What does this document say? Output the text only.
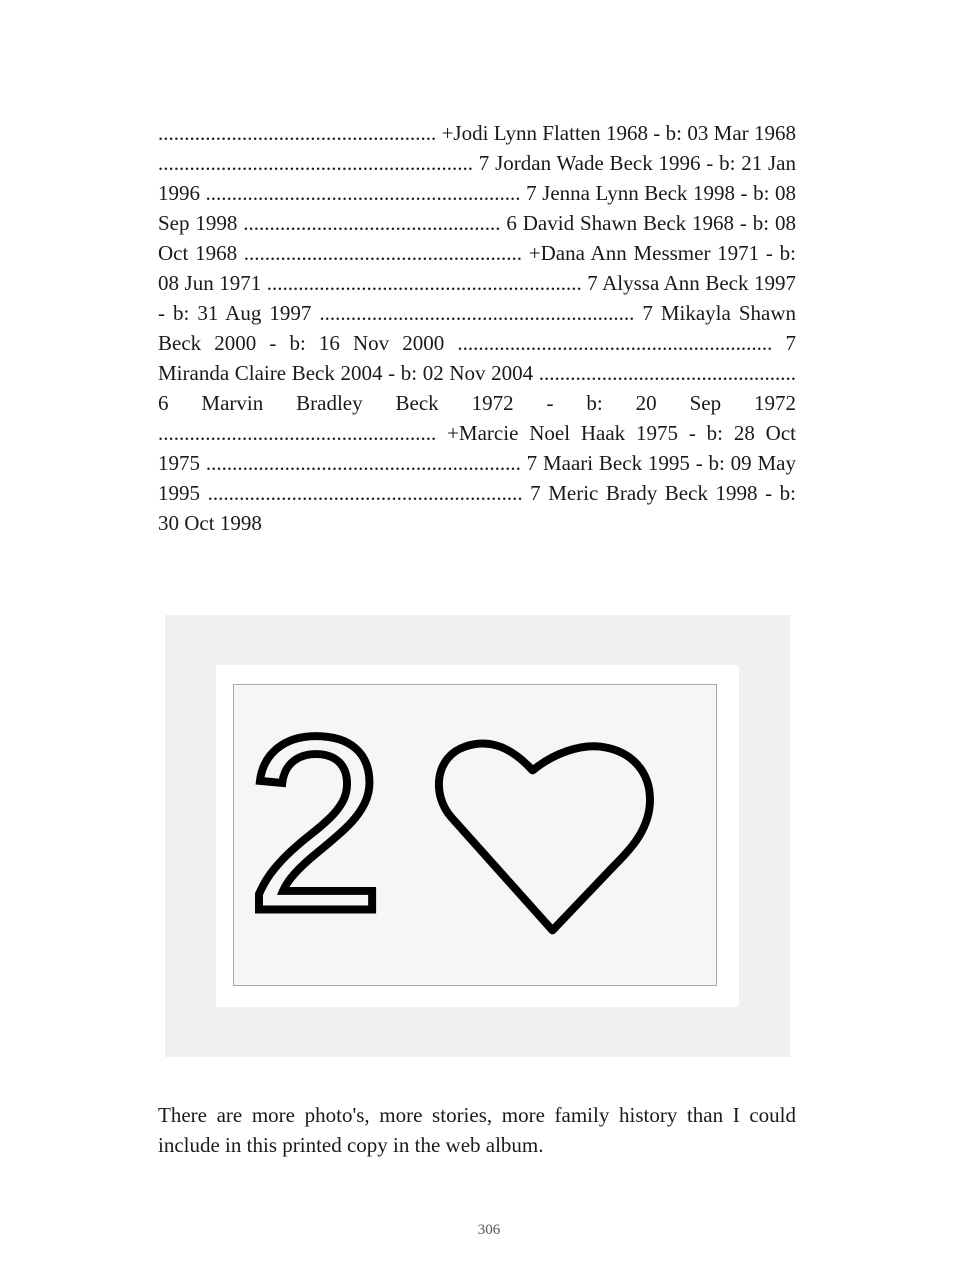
..................................................... +Jodi Lynn Flatten 1968 - b: 03 Mar 1968 ............................................................ 7 Jordan Wade Beck 1996 - b: 21 Jan 1996 ............................................................ 7 Jenna Lynn Beck 1998 - b: 08 Sep 1998 ................................................. 6 David Shawn Beck 1968 - b: 08 Oct 1968 ..................................................... +Dana Ann Messmer 1971 - b: 08 Jun 1971 ............................................................ 7 Alyssa Ann Beck 1997 - b: 31 Aug 1997 ............................................................ 7 Mikayla Shawn Beck 2000 - b: 16 Nov 2000 ............................................................ 7 Miranda Claire Beck 2004 - b: 02 Nov 2004 ................................................. 6 Marvin Bradley Beck 1972 - b: 20 Sep 1972 ..................................................... +Marcie Noel Haak 1975 - b: 28 Oct 1975 ............................................................ 7 Maari Beck 1995 - b: 09 May 1995 ............................................................ 7 Meric Brady Beck 1998 - b: 30 Oct 1998

2

There are more photo's, more stories, more family history than I could include in this printed copy in the web album.

306
